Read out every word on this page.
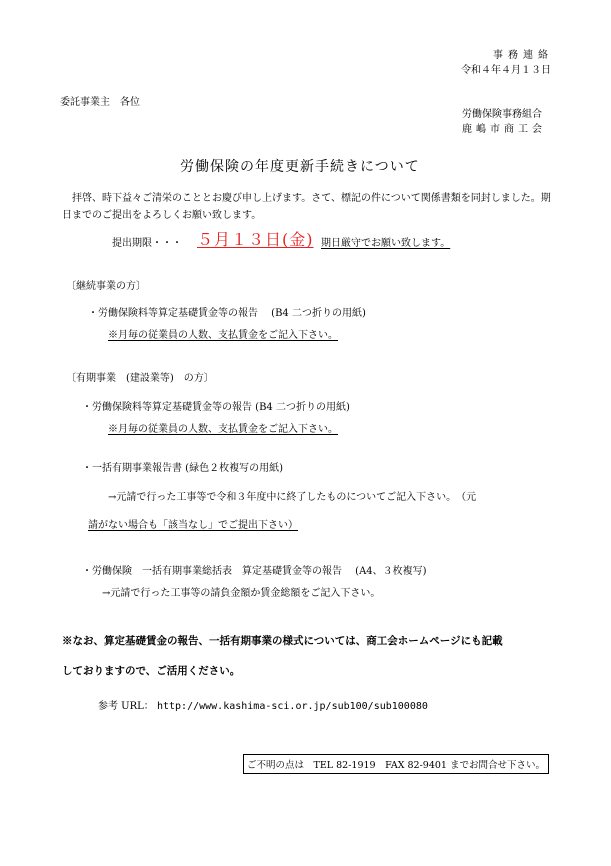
事務連絡
令和４年４月１３日
委託事業主　各位
労働保険事務組合
鹿嶋市商工会
労働保険の年度更新手続きについて
拝啓、時下益々ご清栄のこととお慶び申し上げます。さて、標記の件について関係書類を同封しました。期日までのご提出をよろしくお願い致します。
提出期限・・・ ５月１３日(金) 期日厳守でお願い致します。
〔継続事業の方〕
・労働保険料等算定基礎賃金等の報告　 (B4 二つ折りの用紙)
※月毎の従業員の人数、支払賃金をご記入下さい。
〔有期事業　(建設業等)　の方〕
・労働保険料等算定基礎賃金等の報告 (B4 二つ折りの用紙)
※月毎の従業員の人数、支払賃金をご記入下さい。
・一括有期事業報告書 (緑色２枚複写の用紙)
→元請で行った工事等で令和３年度中に終了したものについてご記入下さい。　（元
請がない場合も「該当なし」でご提出下さい）
・労働保険　一括有期事業総括表　算定基礎賃金等の報告　 (A4、３枚複写)
→元請で行った工事等の請負金額か賃金総額をご記入下さい。
※なお、算定基礎賃金の報告、一括有期事業の様式については、商工会ホームページにも記載
しておりますので、ご活用ください。
参考 URL： http://www.kashima-sci.or.jp/sub100/sub100080
ご不明の点は　TEL 82-1919　FAX 82-9401 までお問合せ下さい。
